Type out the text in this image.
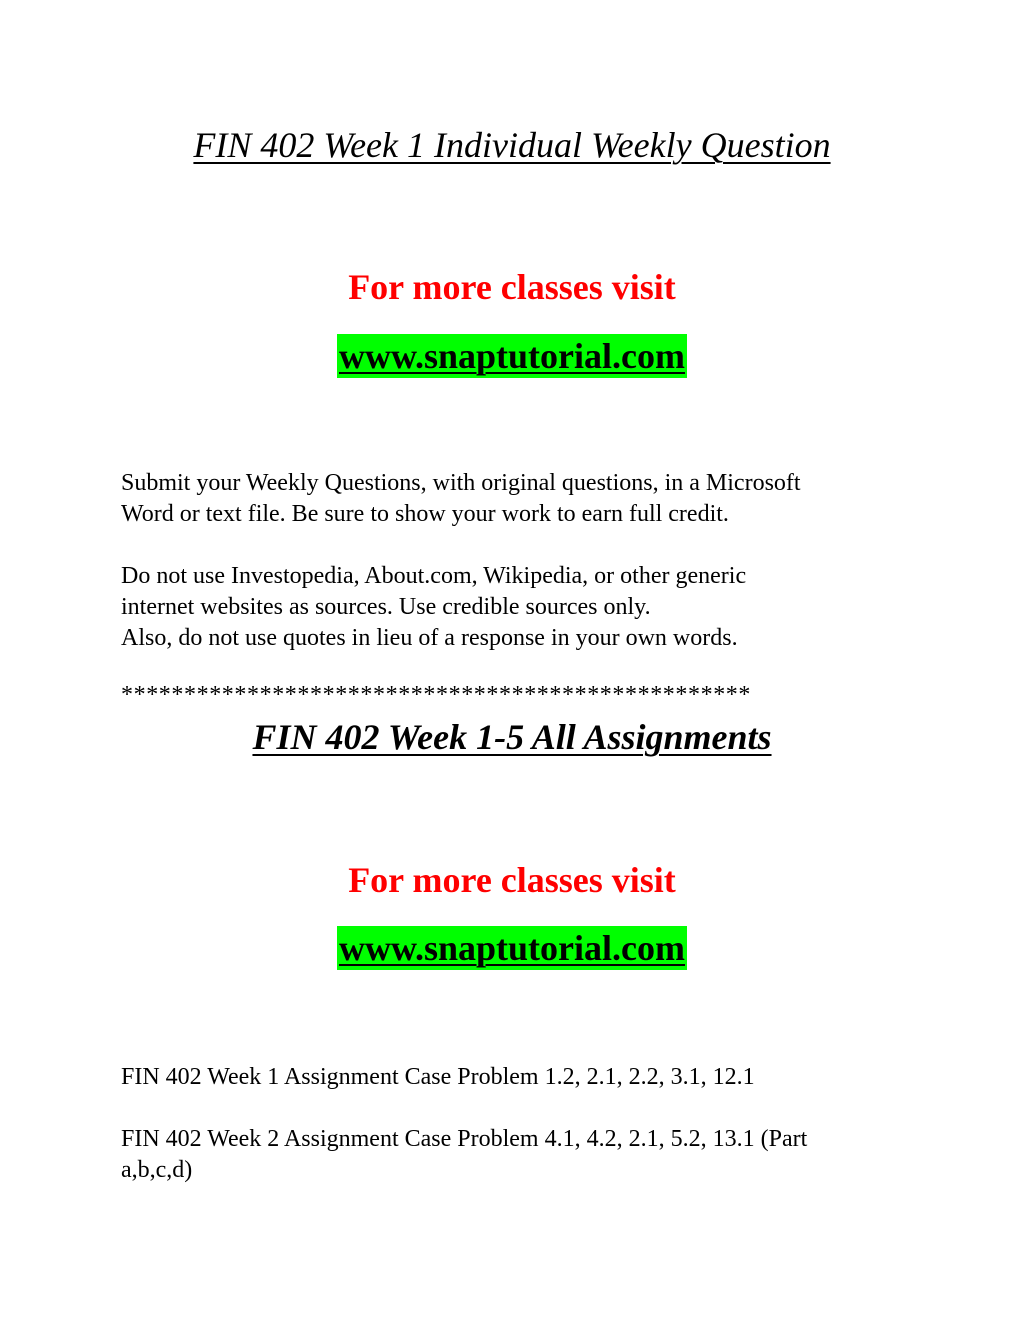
FIN 402 Week 1 Individual Weekly Question
For more classes visit
www.snaptutorial.com

Submit your Weekly Questions, with original questions, in a Microsoft
Word or text file. Be sure to show your work to earn full credit.

Do not use Investopedia, About.com, Wikipedia, or other generic
internet websites as sources. Use credible sources only.
Also, do not use quotes in lieu of a response in your own words.

**************************************************
FIN 402 Week 1-5 All Assignments
For more classes visit
www.snaptutorial.com

FIN 402 Week 1 Assignment Case Problem 1.2, 2.1, 2.2, 3.1, 12.1

FIN 402 Week 2 Assignment Case Problem 4.1, 4.2, 2.1, 5.2, 13.1 (Part
a,b,c,d)
